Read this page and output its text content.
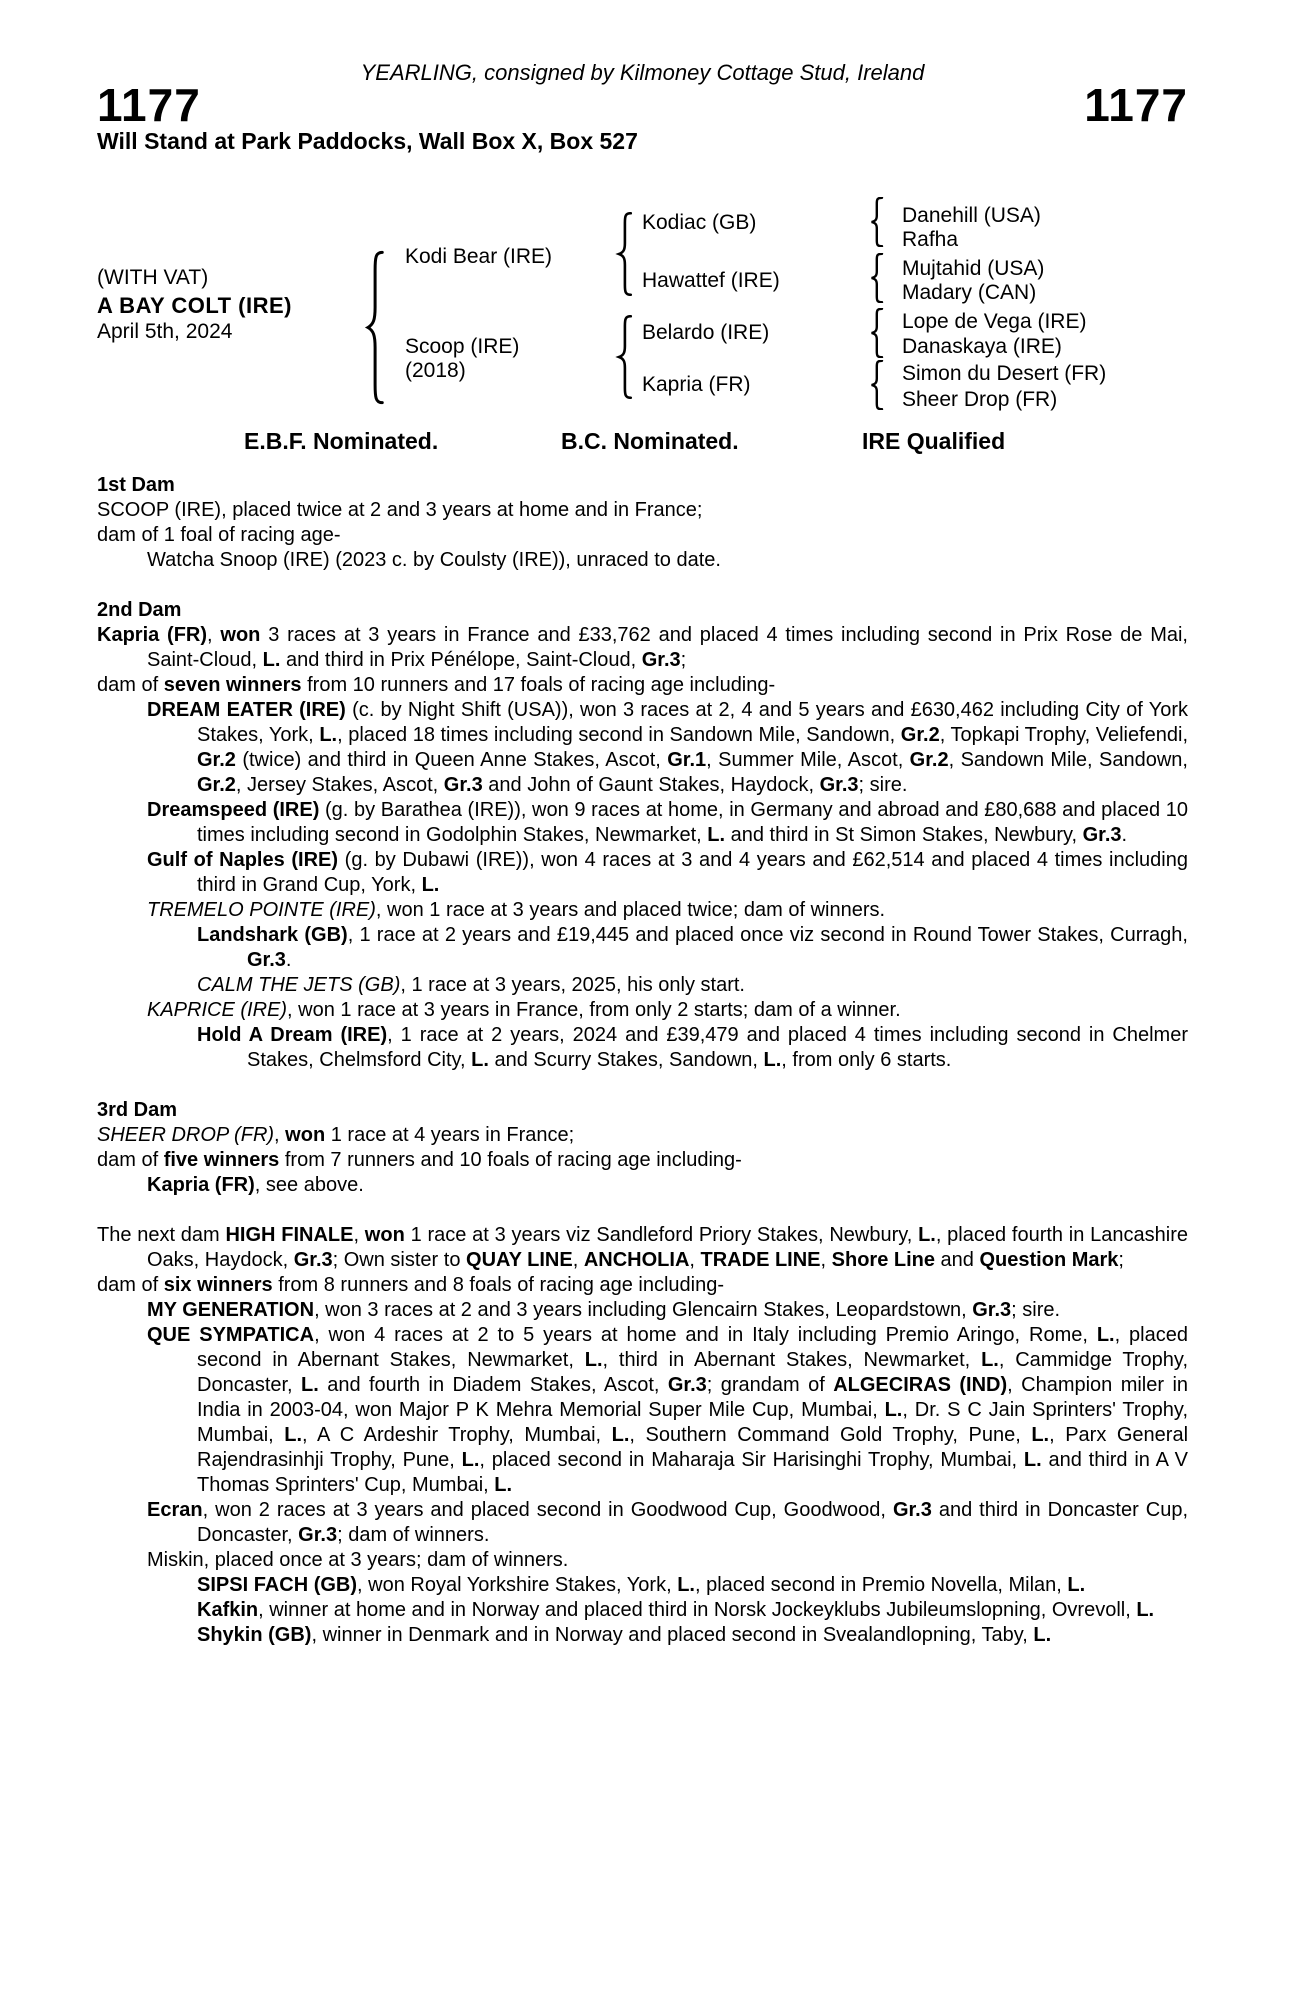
YEARLING, consigned by Kilmoney Cottage Stud, Ireland
1177	1177
Will Stand at Park Paddocks, Wall Box X, Box 527
(WITH VAT)
A BAY COLT (IRE)
April 5th, 2024
Kodi Bear (IRE)
Scoop (IRE)
(2018)
Kodiac (GB)
Hawattef (IRE)
Belardo (IRE)
Kapria (FR)
Danehill (USA)
Rafha
Mujtahid (USA)
Madary (CAN)
Lope de Vega (IRE)
Danaskaya (IRE)
Simon du Desert (FR)
Sheer Drop (FR)
E.B.F. Nominated.	B.C. Nominated.	IRE Qualified
1st Dam
SCOOP (IRE), placed twice at 2 and 3 years at home and in France;
dam of 1 foal of racing age-
Watcha Snoop (IRE) (2023 c. by Coulsty (IRE)), unraced to date.
2nd Dam
Kapria (FR), won 3 races at 3 years in France and £33,762 and placed 4 times including second in Prix Rose de Mai, Saint-Cloud, L. and third in Prix Pénélope, Saint-Cloud, Gr.3;
dam of seven winners from 10 runners and 17 foals of racing age including-
DREAM EATER (IRE) (c. by Night Shift (USA)), won 3 races at 2, 4 and 5 years and £630,462 including City of York Stakes, York, L., placed 18 times including second in Sandown Mile, Sandown, Gr.2, Topkapi Trophy, Veliefendi, Gr.2 (twice) and third in Queen Anne Stakes, Ascot, Gr.1, Summer Mile, Ascot, Gr.2, Sandown Mile, Sandown, Gr.2, Jersey Stakes, Ascot, Gr.3 and John of Gaunt Stakes, Haydock, Gr.3; sire.
Dreamspeed (IRE) (g. by Barathea (IRE)), won 9 races at home, in Germany and abroad and £80,688 and placed 10 times including second in Godolphin Stakes, Newmarket, L. and third in St Simon Stakes, Newbury, Gr.3.
Gulf of Naples (IRE) (g. by Dubawi (IRE)), won 4 races at 3 and 4 years and £62,514 and placed 4 times including third in Grand Cup, York, L.
TREMELO POINTE (IRE), won 1 race at 3 years and placed twice; dam of winners.
Landshark (GB), 1 race at 2 years and £19,445 and placed once viz second in Round Tower Stakes, Curragh, Gr.3.
CALM THE JETS (GB), 1 race at 3 years, 2025, his only start.
KAPRICE (IRE), won 1 race at 3 years in France, from only 2 starts; dam of a winner.
Hold A Dream (IRE), 1 race at 2 years, 2024 and £39,479 and placed 4 times including second in Chelmer Stakes, Chelmsford City, L. and Scurry Stakes, Sandown, L., from only 6 starts.
3rd Dam
SHEER DROP (FR), won 1 race at 4 years in France;
dam of five winners from 7 runners and 10 foals of racing age including-
Kapria (FR), see above.
The next dam HIGH FINALE, won 1 race at 3 years viz Sandleford Priory Stakes, Newbury, L., placed fourth in Lancashire Oaks, Haydock, Gr.3; Own sister to QUAY LINE, ANCHOLIA, TRADE LINE, Shore Line and Question Mark;
dam of six winners from 8 runners and 8 foals of racing age including-
MY GENERATION, won 3 races at 2 and 3 years including Glencairn Stakes, Leopardstown, Gr.3; sire.
QUE SYMPATICA, won 4 races at 2 to 5 years at home and in Italy including Premio Aringo, Rome, L., placed second in Abernant Stakes, Newmarket, L., third in Abernant Stakes, Newmarket, L., Cammidge Trophy, Doncaster, L. and fourth in Diadem Stakes, Ascot, Gr.3; grandam of ALGECIRAS (IND), Champion miler in India in 2003-04, won Major P K Mehra Memorial Super Mile Cup, Mumbai, L., Dr. S C Jain Sprinters' Trophy, Mumbai, L., A C Ardeshir Trophy, Mumbai, L., Southern Command Gold Trophy, Pune, L., Parx General Rajendrasinhji Trophy, Pune, L., placed second in Maharaja Sir Harisinghi Trophy, Mumbai, L. and third in A V Thomas Sprinters' Cup, Mumbai, L.
Ecran, won 2 races at 3 years and placed second in Goodwood Cup, Goodwood, Gr.3 and third in Doncaster Cup, Doncaster, Gr.3; dam of winners.
Miskin, placed once at 3 years; dam of winners.
SIPSI FACH (GB), won Royal Yorkshire Stakes, York, L., placed second in Premio Novella, Milan, L.
Kafkin, winner at home and in Norway and placed third in Norsk Jockeyklubs Jubileumslopning, Ovrevoll, L.
Shykin (GB), winner in Denmark and in Norway and placed second in Svealandlopning, Taby, L.
